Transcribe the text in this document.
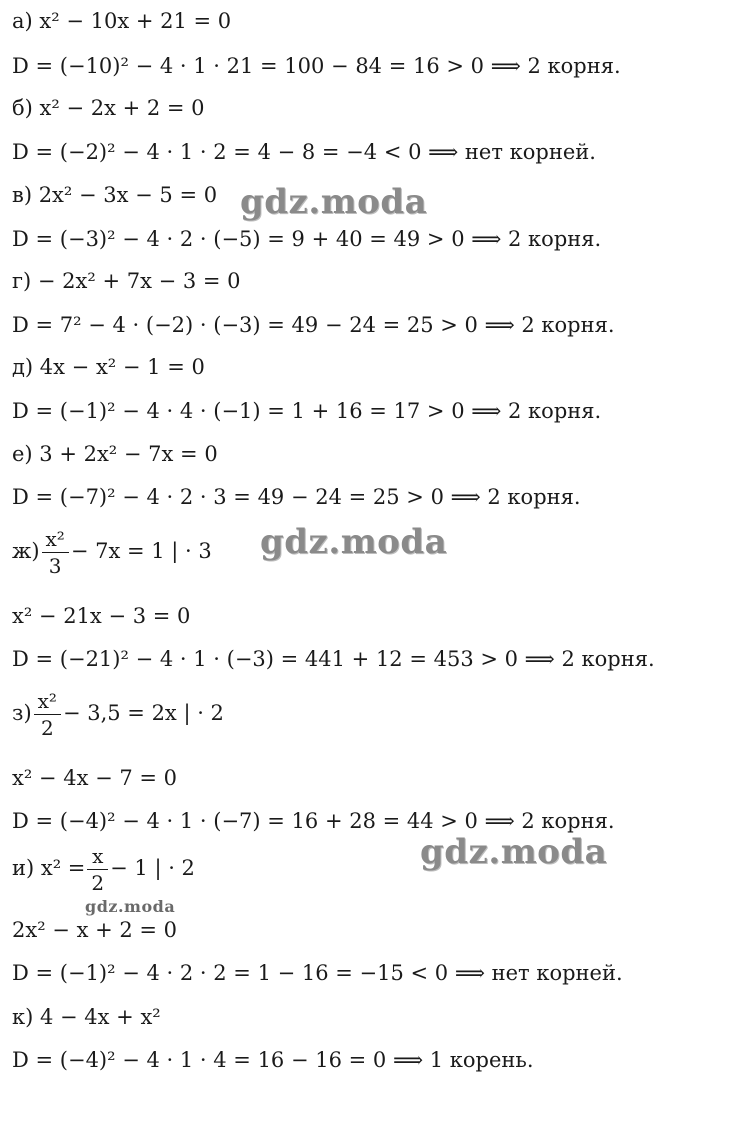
а) x² − 10x + 21 = 0
D = (−10)² − 4 · 1 · 21 = 100 − 84 = 16 > 0 ⟹ 2 корня.
б) x² − 2x + 2 = 0
D = (−2)² − 4 · 1 · 2 = 4 − 8 = −4 < 0 ⟹ нет корней.
в) 2x² − 3x − 5 = 0
D = (−3)² − 4 · 2 · (−5) = 9 + 40 = 49 > 0 ⟹ 2 корня.
г) − 2x² + 7x − 3 = 0
D = 7² − 4 · (−2) · (−3) = 49 − 24 = 25 > 0 ⟹ 2 корня.
д) 4x − x² − 1 = 0
D = (−1)² − 4 · 4 · (−1) = 1 + 16 = 17 > 0 ⟹ 2 корня.
е) 3 + 2x² − 7x = 0
D = (−7)² − 4 · 2 · 3 = 49 − 24 = 25 > 0 ⟹ 2 корня.
$ж) \frac{\text{x²}}{3} - 7x = 1$ | · 3
x² − 21x − 3 = 0
D = (−21)² − 4 · 1 · (−3) = 441 + 12 = 453 > 0 ⟹ 2 корня.
$з) \frac{\text{x²}}{2} - 3,5 = 2x$ | · 2
x² − 4x − 7 = 0
D = (−4)² − 4 · 1 · (−7) = 16 + 28 = 44 > 0 ⟹ 2 корня.
и) $x^2 = \frac{x}{2} - 1$ | · 2
2x² − x + 2 = 0
D = (−1)² − 4 · 2 · 2 = 1 − 16 = −15 < 0 ⟹ нет корней.
к) 4 − 4x + x²
D = (−4)² − 4 · 1 · 4 = 16 − 16 = 0 ⟹ 1 корень.
gdz.moda
gdz.moda
gdz.moda
gdz.moda
